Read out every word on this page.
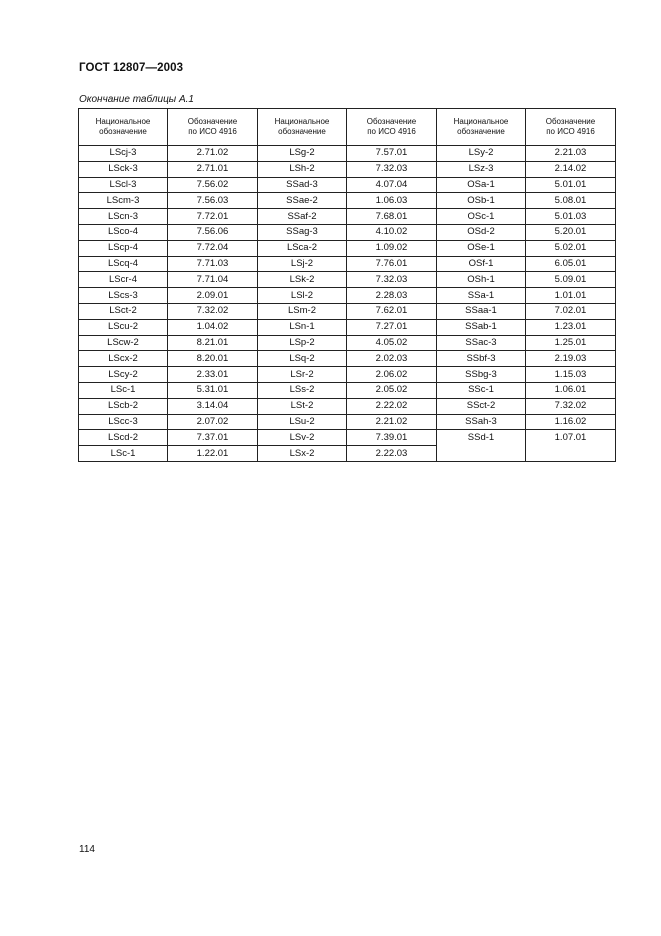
ГОСТ 12807—2003
Окончание таблицы А.1
Национальное
обозначение	Обозначение
по ИСО 4916	Национальное
обозначение	Обозначение
по ИСО 4916	Национальное
обозначение	Обозначение
по ИСО 4916
LScj-3	2.71.02	LSg-2	7.57.01	LSy-2	2.21.03
LSck-3	2.71.01	LSh-2	7.32.03	LSz-3	2.14.02
LScl-3	7.56.02	SSad-3	4.07.04	OSa-1	5.01.01
LScm-3	7.56.03	SSae-2	1.06.03	OSb-1	5.08.01
LScn-3	7.72.01	SSaf-2	7.68.01	OSc-1	5.01.03
LSco-4	7.56.06	SSag-3	4.10.02	OSd-2	5.20.01
LScp-4	7.72.04	LSca-2	1.09.02	OSe-1	5.02.01
LScq-4	7.71.03	LSj-2	7.76.01	OSf-1	6.05.01
LScr-4	7.71.04	LSk-2	7.32.03	OSh-1	5.09.01
LScs-3	2.09.01	LSl-2	2.28.03	SSa-1	1.01.01
LSct-2	7.32.02	LSm-2	7.62.01	SSaa-1	7.02.01
LScu-2	1.04.02	LSn-1	7.27.01	SSab-1	1.23.01
LScw-2	8.21.01	LSp-2	4.05.02	SSac-3	1.25.01
LScx-2	8.20.01	LSq-2	2.02.03	SSbf-3	2.19.03
LScy-2	2.33.01	LSr-2	2.06.02	SSbg-3	1.15.03
LSc-1	5.31.01	LSs-2	2.05.02	SSc-1	1.06.01
LScb-2	3.14.04	LSt-2	2.22.02	SSct-2	7.32.02
LScc-3	2.07.02	LSu-2	2.21.02	SSah-3	1.16.02
LScd-2	7.37.01	LSv-2	7.39.01	SSd-1	1.07.01
LSc-1	1.22.01	LSx-2	2.22.03		
114
